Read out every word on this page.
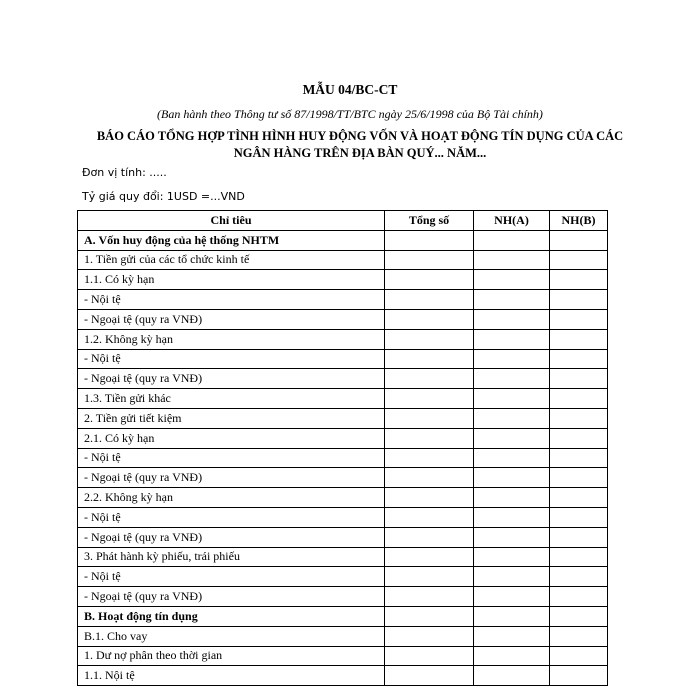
MẪU 04/BC-CT
(Ban hành theo Thông tư số 87/1998/TT/BTC ngày 25/6/1998 của Bộ Tài chính)
BÁO CÁO TỔNG HỢP TÌNH HÌNH HUY ĐỘNG VỐN VÀ HOẠT ĐỘNG TÍN DỤNG CỦA CÁC
NGÂN HÀNG TRÊN ĐỊA BÀN QUÝ... NĂM...
Đơn vị tính: .....
Tỷ giá quy đổi: 1USD =...VND
Chỉ tiêu	Tổng số	NH(A)	NH(B)
A. Vốn huy động của hệ thống NHTM			
1. Tiền gửi của các tổ chức kinh tế			
1.1. Có kỳ hạn			
- Nội tệ			
- Ngoại tệ (quy ra VNĐ)			
1.2. Không kỳ hạn			
- Nội tệ			
- Ngoại tệ (quy ra VNĐ)			
1.3. Tiền gửi khác			
2. Tiền gửi tiết kiệm			
2.1. Có kỳ hạn			
- Nội tệ			
- Ngoại tệ (quy ra VNĐ)			
2.2. Không kỳ hạn			
- Nội tệ			
- Ngoại tệ (quy ra VNĐ)			
3. Phát hành kỳ phiếu, trái phiếu			
- Nội tệ			
- Ngoại tệ (quy ra VNĐ)			
B. Hoạt động tín dụng			
B.1. Cho vay			
1. Dư nợ phân theo thời gian			
1.1. Nội tệ			
